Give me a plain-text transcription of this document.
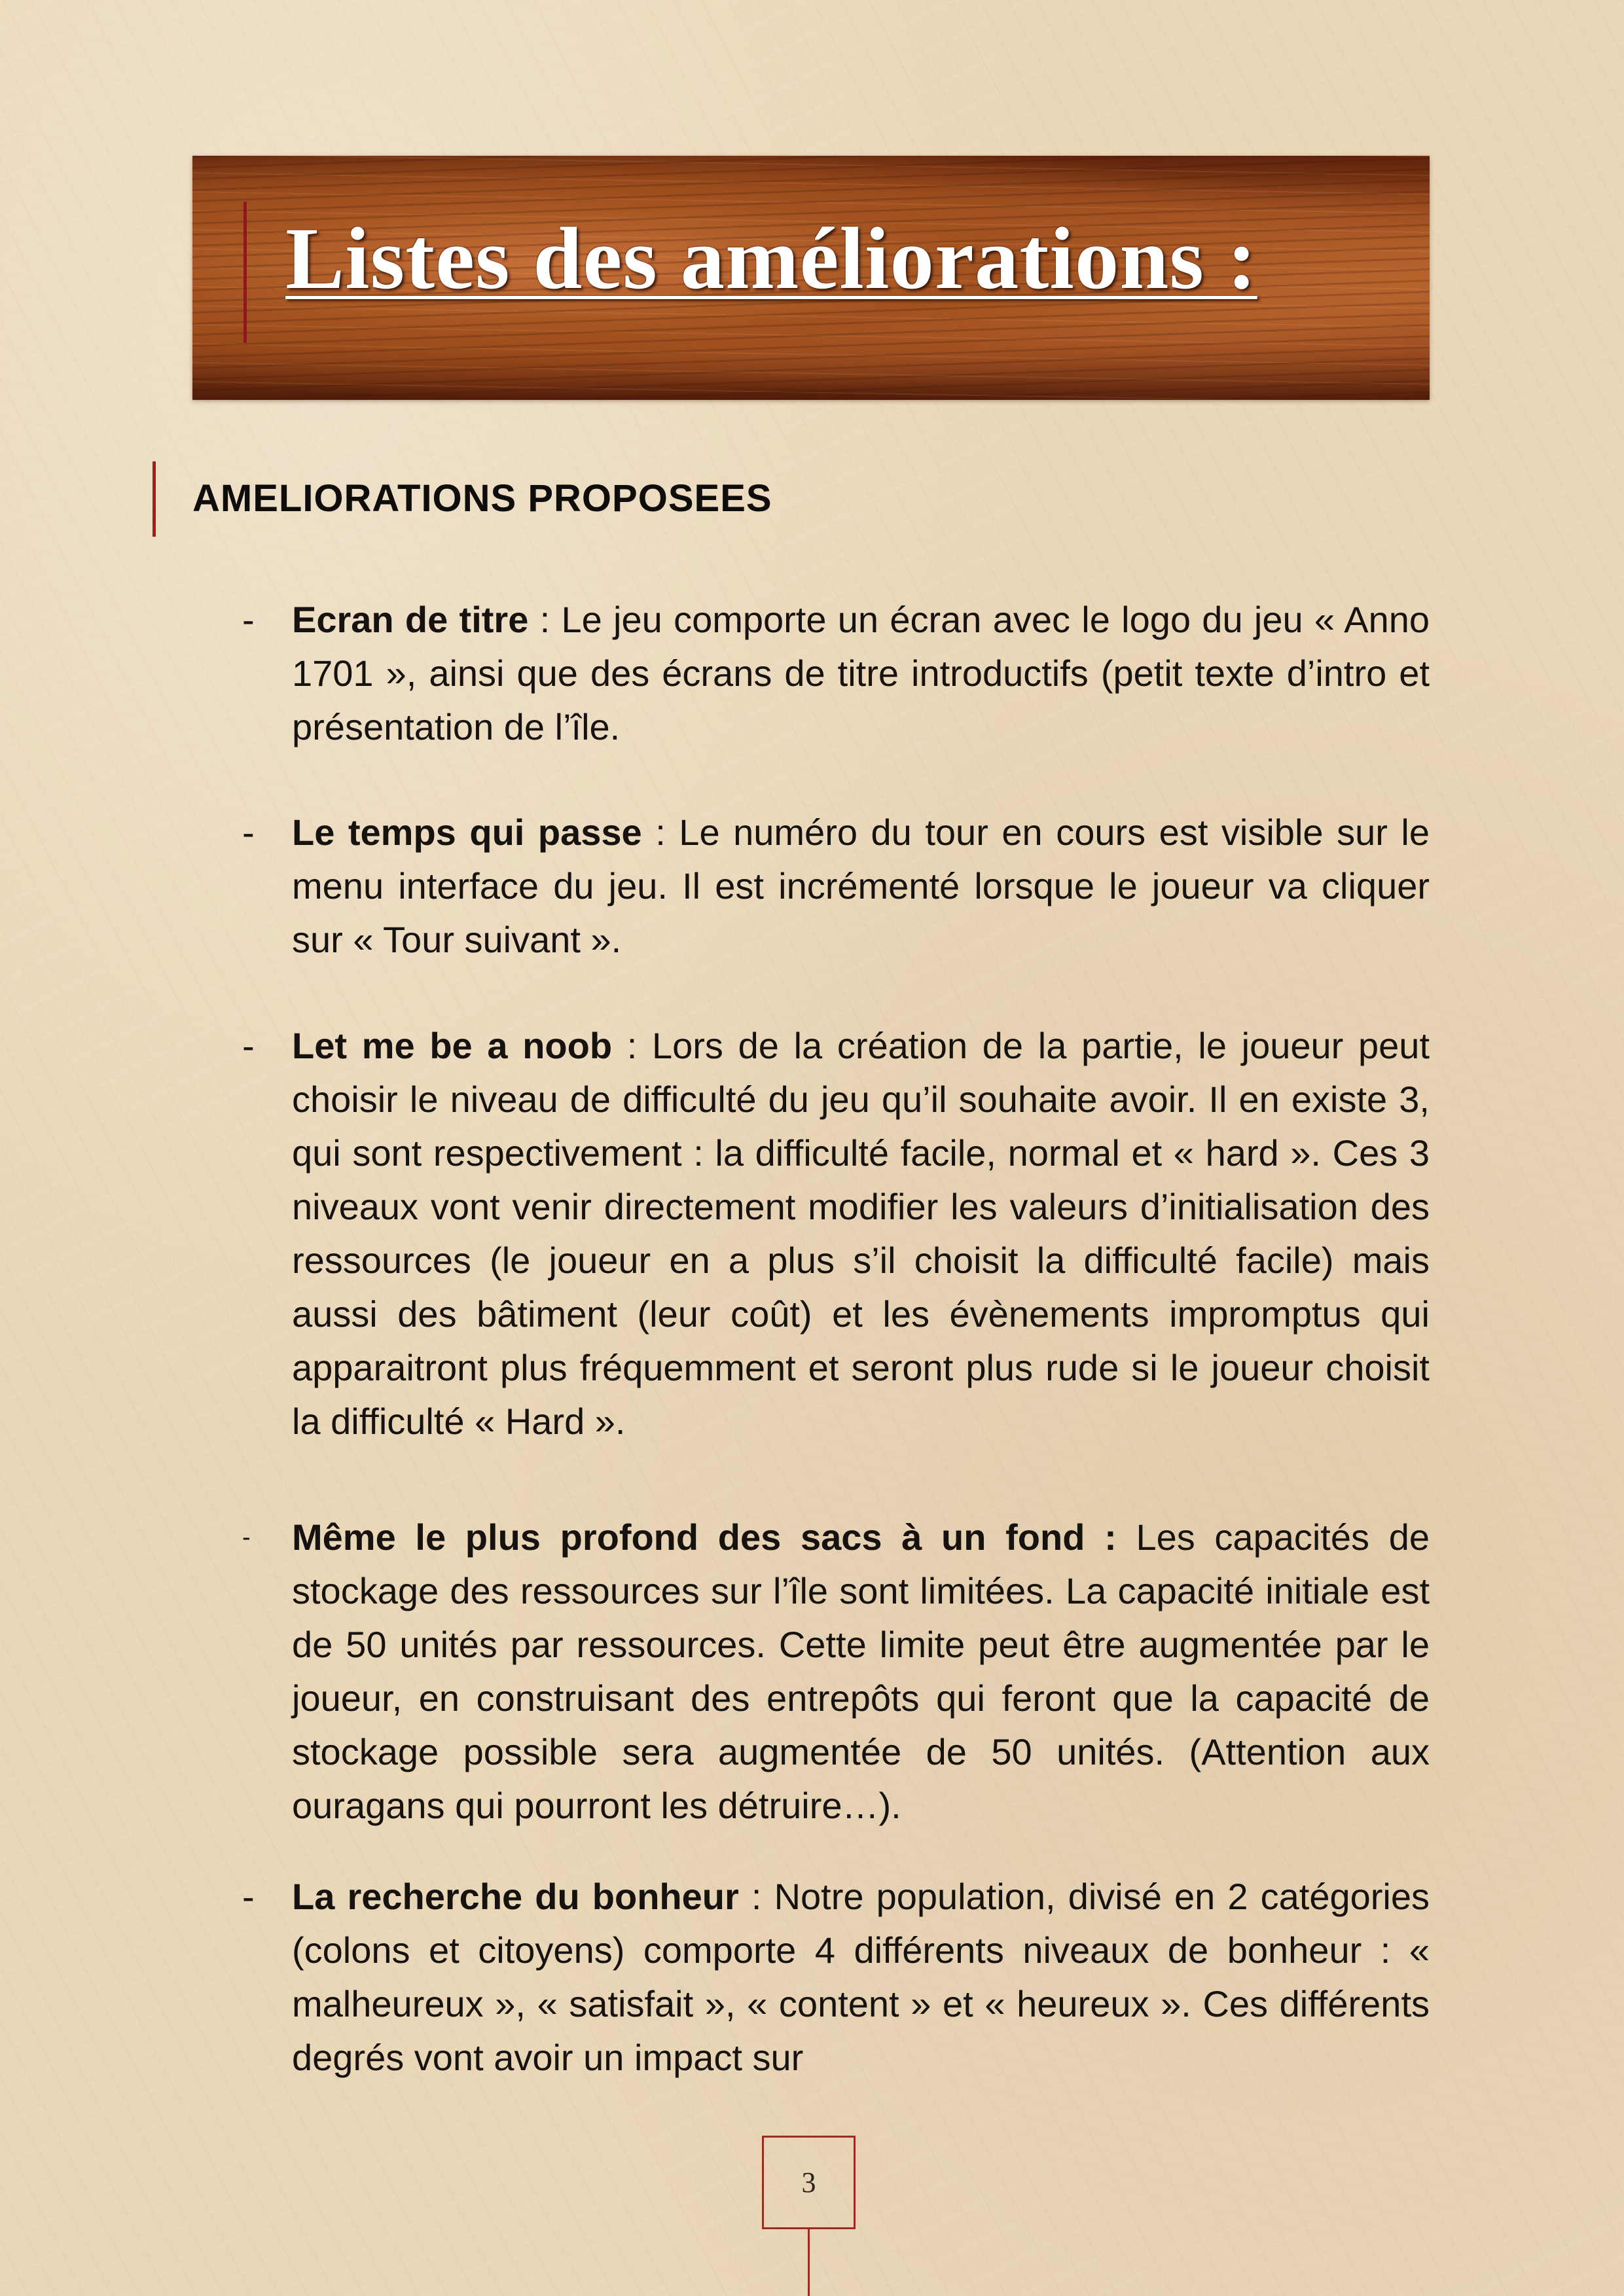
Listes des améliorations :
AMELIORATIONS PROPOSEES
- Ecran de titre : Le jeu comporte un écran avec le logo du jeu « Anno 1701 », ainsi que des écrans de titre introductifs (petit texte d’intro et présentation de l’île.

- Le temps qui passe : Le numéro du tour en cours est visible sur le menu interface du jeu. Il est incrémenté lorsque le joueur va cliquer sur « Tour suivant ».

- Let me be a noob : Lors de la création de la partie, le joueur peut choisir le niveau de difficulté du jeu qu’il souhaite avoir. Il en existe 3, qui sont respectivement : la difficulté facile, normal et « hard ». Ces 3 niveaux vont venir directement modifier les valeurs d’initialisation des ressources (le joueur en a plus s’il choisit la difficulté facile) mais aussi des bâtiment (leur coût) et les évènements impromptus qui apparaitront plus fréquemment et seront plus rude si le joueur choisit la difficulté « Hard ».

- Même le plus profond des sacs à un fond : Les capacités de stockage des ressources sur l’île sont limitées. La capacité initiale est de 50 unités par ressources. Cette limite peut être augmentée par le joueur, en construisant des entrepôts qui feront que la capacité de stockage possible sera augmentée de 50 unités. (Attention aux ouragans qui pourront les détruire…).

- La recherche du bonheur : Notre population, divisé en 2 catégories (colons et citoyens) comporte 4 différents niveaux de bonheur : « malheureux », « satisfait », « content » et « heureux ». Ces différents degrés vont avoir un impact sur

3
